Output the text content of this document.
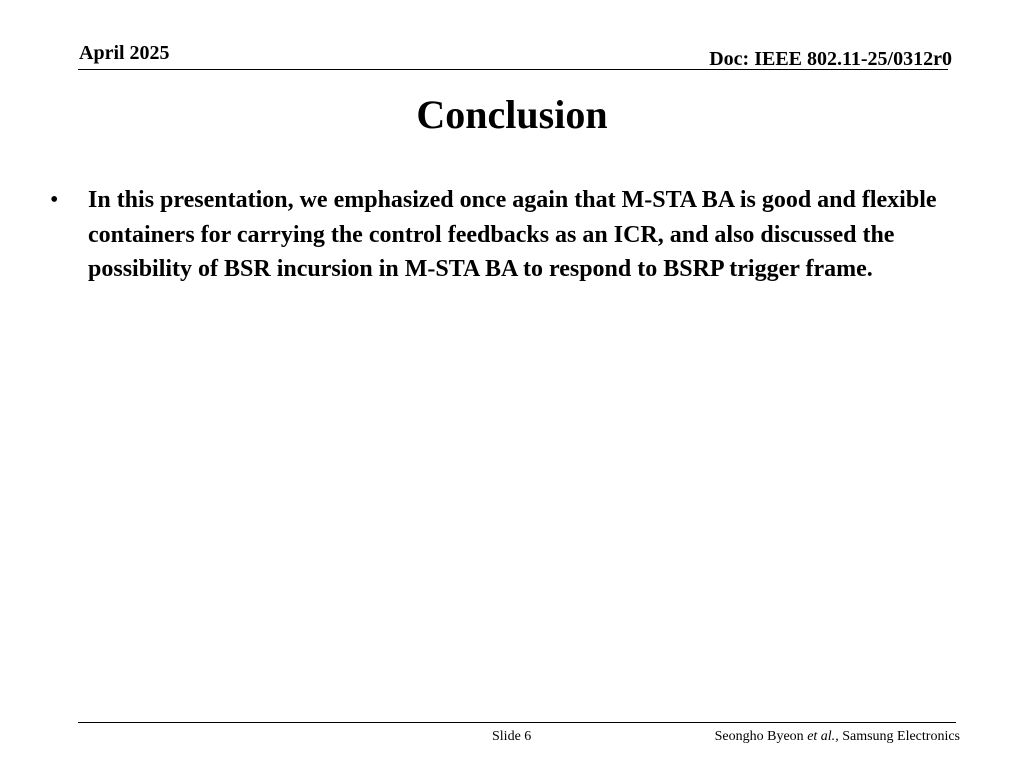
April 2025	Doc: IEEE 802.11-25/0312r0
Conclusion
• In this presentation, we emphasized once again that M-STA BA is good and flexible containers for carrying the control feedbacks as an ICR, and also discussed the possibility of BSR incursion in M-STA BA to respond to BSRP trigger frame.
Slide 6	Seongho Byeon et al., Samsung Electronics
